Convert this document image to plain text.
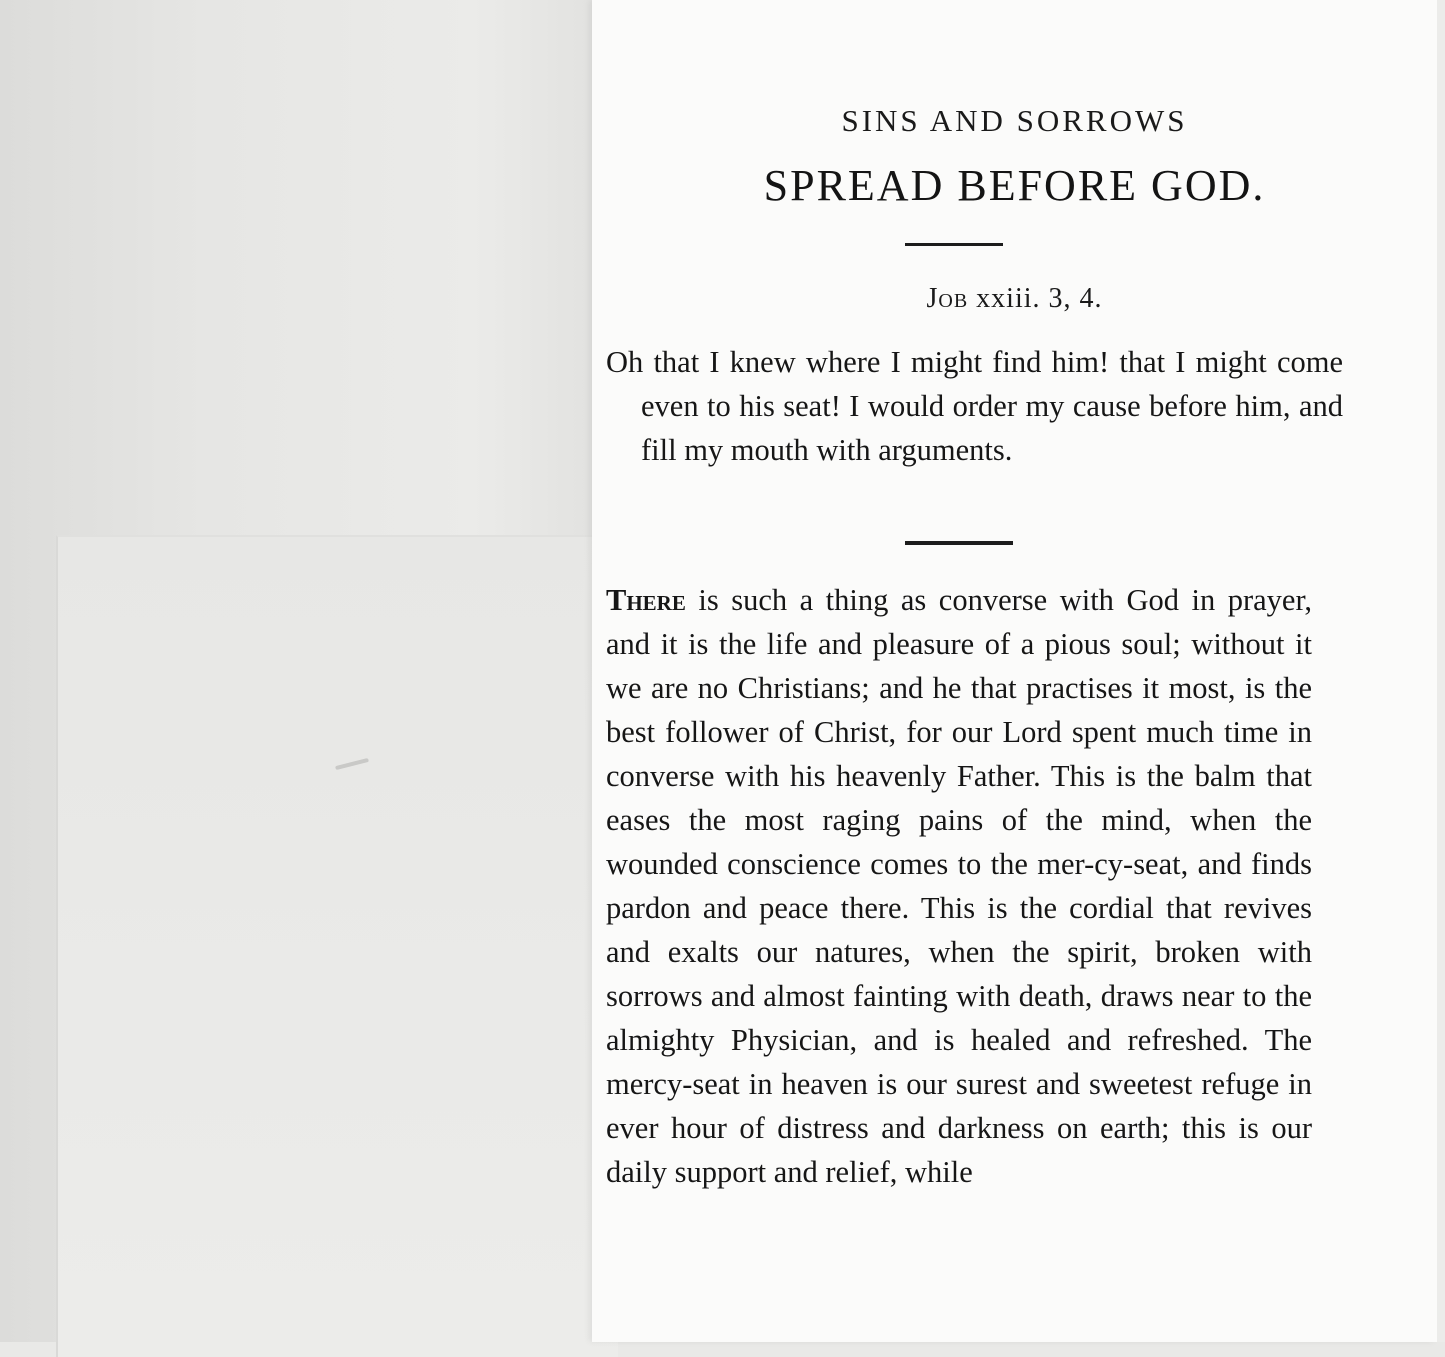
SINS AND SORROWS
SPREAD BEFORE GOD.
Job xxiii. 3, 4.
Oh that I knew where I might find him! that I might come even to his seat! I would order my cause before him, and fill my mouth with arguments.
There is such a thing as converse with God in prayer, and it is the life and pleasure of a pious soul; without it we are no Christians; and he that practises it most, is the best follower of Christ, for our Lord spent much time in converse with his heavenly Father. This is the balm that eases the most raging pains of the mind, when the wounded conscience comes to the mer-cy-seat, and finds pardon and peace there. This is the cordial that revives and exalts our natures, when the spirit, broken with sorrows and almost fainting with death, draws near to the almighty Physician, and is healed and refreshed. The mercy-seat in heaven is our surest and sweetest refuge in ever hour of distress and darkness on earth; this is our daily support and relief, while
